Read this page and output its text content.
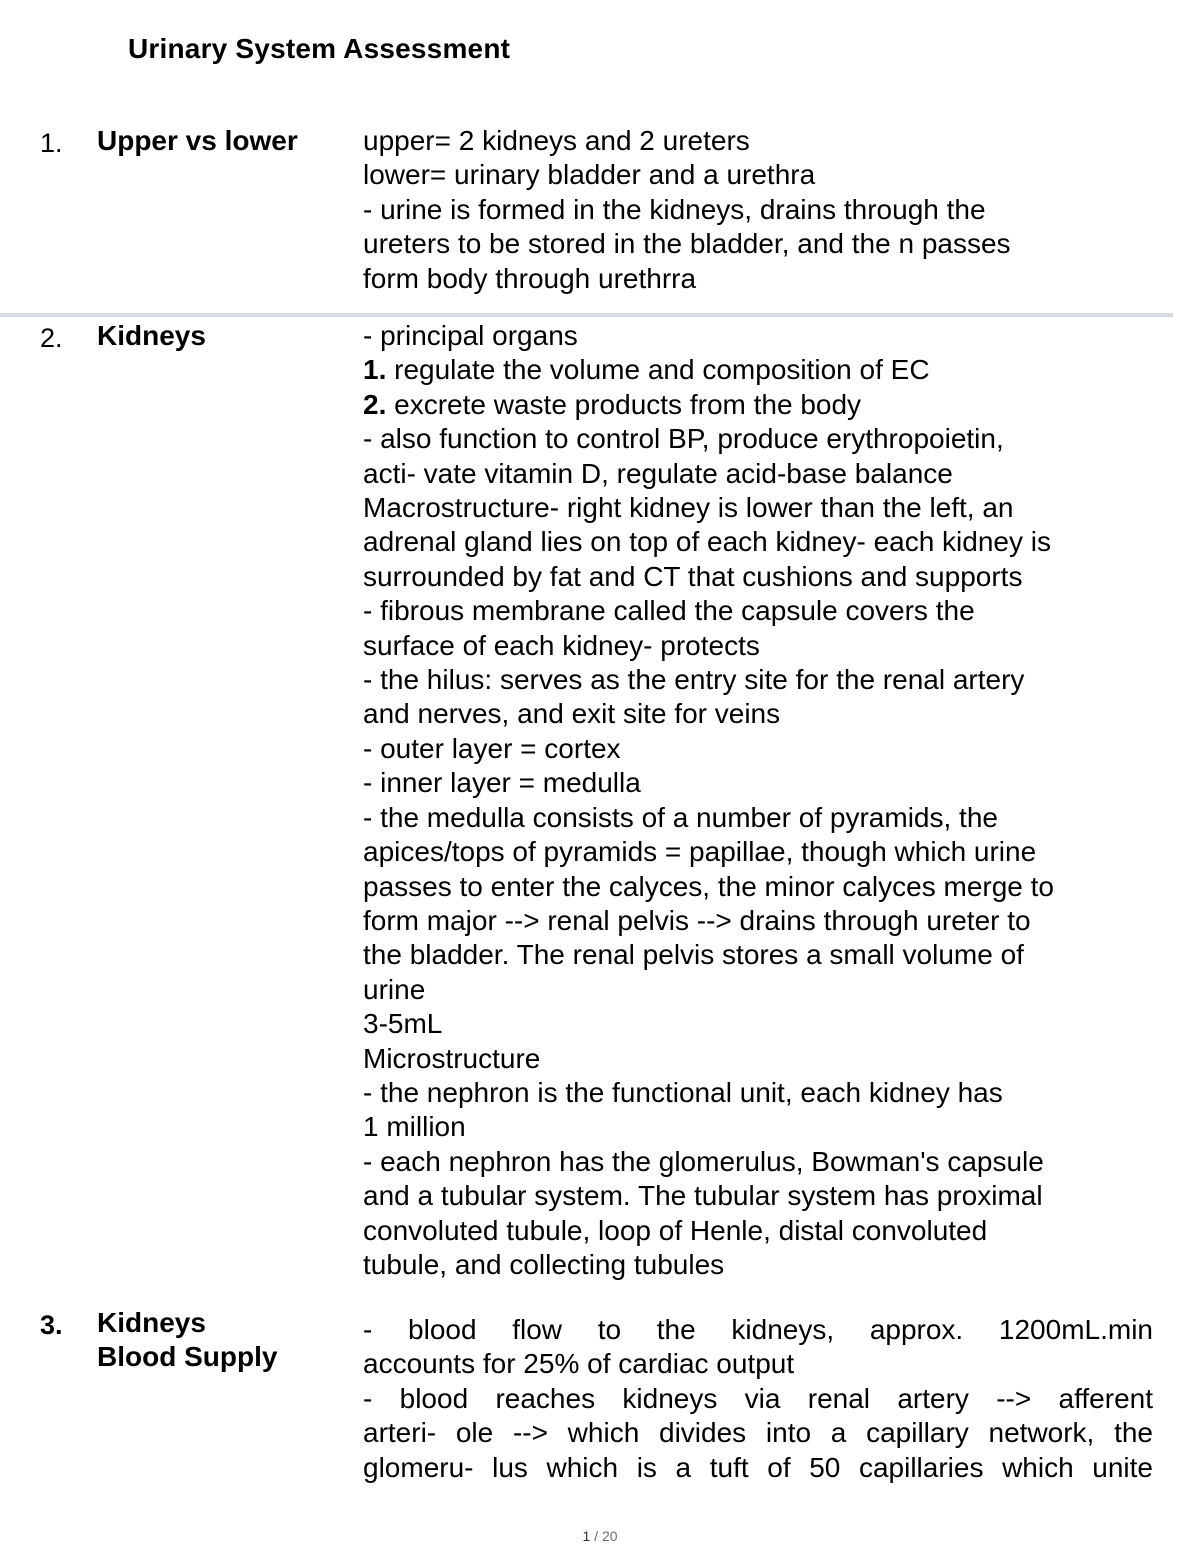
Urinary System Assessment
1. Upper vs lower	upper= 2 kidneys and 2 ureters
lower= urinary bladder and a urethra
- urine is formed in the kidneys, drains through the
ureters to be stored in the bladder, and the n passes
form body through urethrra
2. Kidneys	- principal organs
1. regulate the volume and composition of EC
2. excrete waste products from the body
- also function to control BP, produce erythropoietin,
acti- vate vitamin D, regulate acid-base balance
Macrostructure- right kidney is lower than the left, an
adrenal gland lies on top of each kidney- each kidney is
surrounded by fat and CT that cushions and supports
- fibrous membrane called the capsule covers the
surface of each kidney- protects
- the hilus: serves as the entry site for the renal artery
and nerves, and exit site for veins
- outer layer = cortex
- inner layer = medulla
- the medulla consists of a number of pyramids, the
apices/tops of pyramids = papillae, though which urine
passes to enter the calyces, the minor calyces merge to
form major --> renal pelvis --> drains through ureter to
the bladder. The renal pelvis stores a small volume of
urine
3-5mL
Microstructure
- the nephron is the functional unit, each kidney has
1 million
- each nephron has the glomerulus, Bowman's capsule
and a tubular system. The tubular system has proximal
convoluted tubule, loop of Henle, distal convoluted
tubule, and collecting tubules
3. Kidneys
Blood Supply
- blood flow to the kidneys, approx. 1200mL.min
accounts for 25% of cardiac output
- blood reaches kidneys via renal artery --> afferent
arteri- ole --> which divides into a capillary network, the
glomeru- lus which is a tuft of 50 capillaries which unite
1 / 20
